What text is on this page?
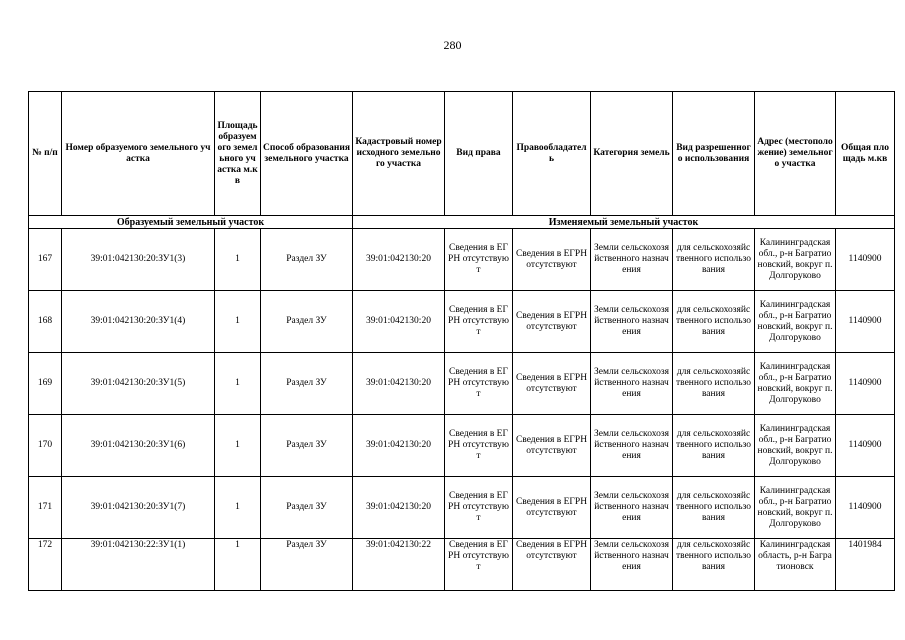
280
№ п/п	Номер образуемого земельного участка	Площадь образуемого земельного участка м.кв	Способ образования земельного участка	Кадастровый номер исходного земельного участка	Вид права	Правообладатель	Категория земель	Вид разрешенного использования	Адрес (местоположение) земельного участка	Общая площадь м.кв
Образуемый земельный участок				Изменяемый земельный участок						
167	39:01:042130:20:ЗУ1(3)	1	Раздел ЗУ	39:01:042130:20	Сведения в ЕГРН отсутствуют	Сведения в ЕГРН отсутствуют	Земли сельскохозяйственного назначения	для сельскохозяйственного использования	Калининградская обл., р-н Багратионовский, вокруг п. Долгоруково	1140900
168	39:01:042130:20:ЗУ1(4)	1	Раздел ЗУ	39:01:042130:20	Сведения в ЕГРН отсутствуют	Сведения в ЕГРН отсутствуют	Земли сельскохозяйственного назначения	для сельскохозяйственного использования	Калининградская обл., р-н Багратионовский, вокруг п. Долгоруково	1140900
169	39:01:042130:20:ЗУ1(5)	1	Раздел ЗУ	39:01:042130:20	Сведения в ЕГРН отсутствуют	Сведения в ЕГРН отсутствуют	Земли сельскохозяйственного назначения	для сельскохозяйственного использования	Калининградская обл., р-н Багратионовский, вокруг п. Долгоруково	1140900
170	39:01:042130:20:ЗУ1(6)	1	Раздел ЗУ	39:01:042130:20	Сведения в ЕГРН отсутствуют	Сведения в ЕГРН отсутствуют	Земли сельскохозяйственного назначения	для сельскохозяйственного использования	Калининградская обл., р-н Багратионовский, вокруг п. Долгоруково	1140900
171	39:01:042130:20:ЗУ1(7)	1	Раздел ЗУ	39:01:042130:20	Сведения в ЕГРН отсутствуют	Сведения в ЕГРН отсутствуют	Земли сельскохозяйственного назначения	для сельскохозяйственного использования	Калининградская обл., р-н Багратионовский, вокруг п. Долгоруково	1140900
172	39:01:042130:22:ЗУ1(1)	1	Раздел ЗУ	39:01:042130:22	Сведения в ЕГРН отсутствуют	Сведения в ЕГРН отсутствуют	Земли сельскохозяйственного назначения	для сельскохозяйственного использования	Калининградская область, р-н Багратионовск	1401984
